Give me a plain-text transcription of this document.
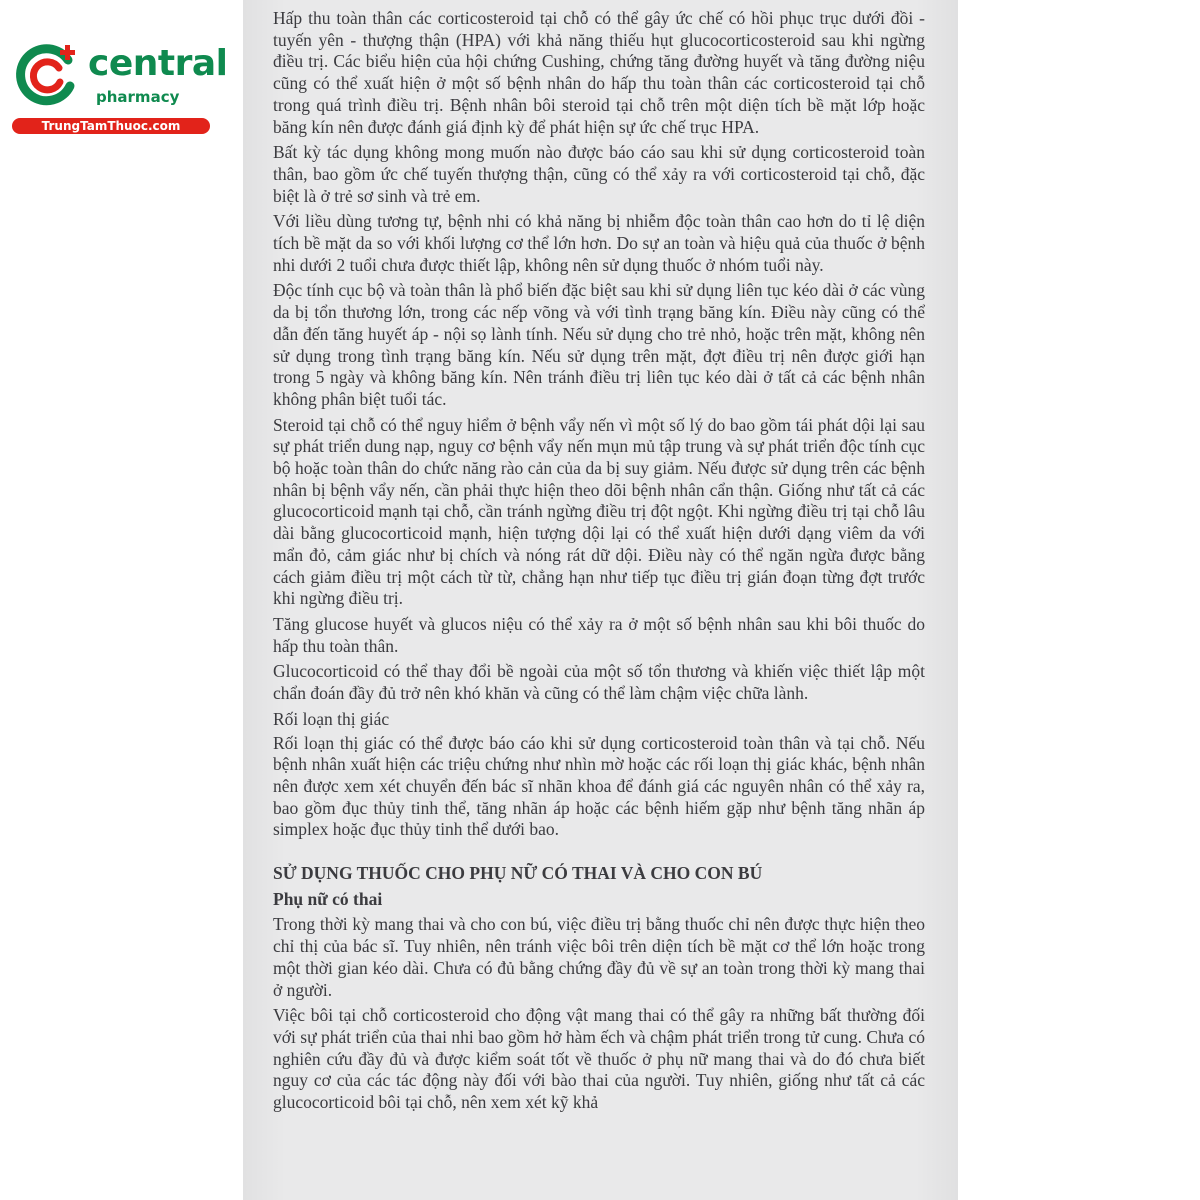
central
pharmacy
TrungTamThuoc.com

Hấp thu toàn thân các corticosteroid tại chỗ có thể gây ức chế có hồi phục trục dưới đồi - tuyến yên - thượng thận (HPA) với khả năng thiếu hụt glucocorticosteroid sau khi ngừng điều trị. Các biểu hiện của hội chứng Cushing, chứng tăng đường huyết và tăng đường niệu cũng có thể xuất hiện ở một số bệnh nhân do hấp thu toàn thân các corticosteroid tại chỗ trong quá trình điều trị. Bệnh nhân bôi steroid tại chỗ trên một diện tích bề mặt lớp hoặc băng kín nên được đánh giá định kỳ để phát hiện sự ức chế trục HPA.

Bất kỳ tác dụng không mong muốn nào được báo cáo sau khi sử dụng corticosteroid toàn thân, bao gồm ức chế tuyến thượng thận, cũng có thể xảy ra với corticosteroid tại chỗ, đặc biệt là ở trẻ sơ sinh và trẻ em.

Với liều dùng tương tự, bệnh nhi có khả năng bị nhiễm độc toàn thân cao hơn do tỉ lệ diện tích bề mặt da so với khối lượng cơ thể lớn hơn. Do sự an toàn và hiệu quả của thuốc ở bệnh nhi dưới 2 tuổi chưa được thiết lập, không nên sử dụng thuốc ở nhóm tuổi này.

Độc tính cục bộ và toàn thân là phổ biến đặc biệt sau khi sử dụng liên tục kéo dài ở các vùng da bị tổn thương lớn, trong các nếp võng và với tình trạng băng kín. Điều này cũng có thể dẫn đến tăng huyết áp - nội sọ lành tính. Nếu sử dụng cho trẻ nhỏ, hoặc trên mặt, không nên sử dụng trong tình trạng băng kín. Nếu sử dụng trên mặt, đợt điều trị nên được giới hạn trong 5 ngày và không băng kín. Nên tránh điều trị liên tục kéo dài ở tất cả các bệnh nhân không phân biệt tuổi tác.

Steroid tại chỗ có thể nguy hiểm ở bệnh vẩy nến vì một số lý do bao gồm tái phát dội lại sau sự phát triển dung nạp, nguy cơ bệnh vẩy nến mụn mủ tập trung và sự phát triển độc tính cục bộ hoặc toàn thân do chức năng rào cản của da bị suy giảm. Nếu được sử dụng trên các bệnh nhân bị bệnh vẩy nến, cần phải thực hiện theo dõi bệnh nhân cẩn thận. Giống như tất cả các glucocorticoid mạnh tại chỗ, cần tránh ngừng điều trị đột ngột. Khi ngừng điều trị tại chỗ lâu dài bằng glucocorticoid mạnh, hiện tượng dội lại có thể xuất hiện dưới dạng viêm da với mẩn đỏ, cảm giác như bị chích và nóng rát dữ dội. Điều này có thể ngăn ngừa được bằng cách giảm điều trị một cách từ từ, chẳng hạn như tiếp tục điều trị gián đoạn từng đợt trước khi ngừng điều trị.

Tăng glucose huyết và glucos niệu có thể xảy ra ở một số bệnh nhân sau khi bôi thuốc do hấp thu toàn thân.

Glucocorticoid có thể thay đổi bề ngoài của một số tổn thương và khiến việc thiết lập một chẩn đoán đầy đủ trở nên khó khăn và cũng có thể làm chậm việc chữa lành.

Rối loạn thị giác

Rối loạn thị giác có thể được báo cáo khi sử dụng corticosteroid toàn thân và tại chỗ. Nếu bệnh nhân xuất hiện các triệu chứng như nhìn mờ hoặc các rối loạn thị giác khác, bệnh nhân nên được xem xét chuyển đến bác sĩ nhãn khoa để đánh giá các nguyên nhân có thể xảy ra, bao gồm đục thủy tinh thể, tăng nhãn áp hoặc các bệnh hiếm gặp như bệnh tăng nhãn áp simplex hoặc đục thủy tinh thể dưới bao.

SỬ DỤNG THUỐC CHO PHỤ NỮ CÓ THAI VÀ CHO CON BÚ
Phụ nữ có thai

Trong thời kỳ mang thai và cho con bú, việc điều trị bằng thuốc chỉ nên được thực hiện theo chỉ thị của bác sĩ. Tuy nhiên, nên tránh việc bôi trên diện tích bề mặt cơ thể lớn hoặc trong một thời gian kéo dài. Chưa có đủ bằng chứng đầy đủ về sự an toàn trong thời kỳ mang thai ở người.

Việc bôi tại chỗ corticosteroid cho động vật mang thai có thể gây ra những bất thường đối với sự phát triển của thai nhi bao gồm hở hàm ếch và chậm phát triển trong tử cung. Chưa có nghiên cứu đầy đủ và được kiểm soát tốt về thuốc ở phụ nữ mang thai và do đó chưa biết nguy cơ của các tác động này đối với bào thai của người. Tuy nhiên, giống như tất cả các glucocorticoid bôi tại chỗ, nên xem xét kỹ khả
